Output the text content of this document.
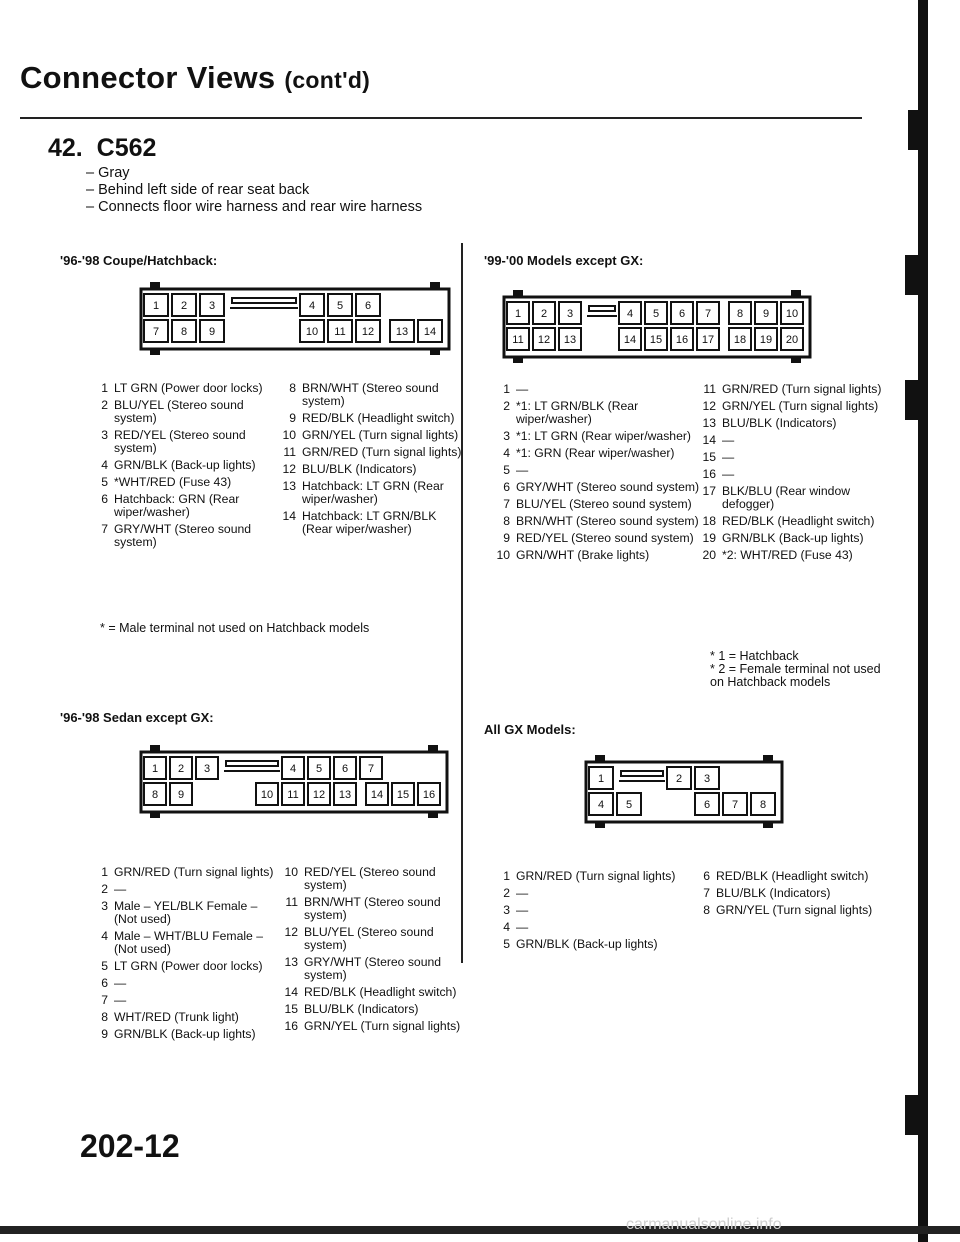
Connector Views (cont'd)
42. C562
– Gray
– Behind left side of rear seat back
– Connects floor wire harness and rear wire harness
'96-'98 Coupe/Hatchback:
1 2 3	4 5 6
7 8 9	10 11 12 13 14
1 LT GRN (Power door locks)
2 BLU/YEL (Stereo sound system)
3 RED/YEL (Stereo sound system)
4 GRN/BLK (Back-up lights)
5 *WHT/RED (Fuse 43)
6 Hatchback: GRN (Rear wiper/washer)
7 GRY/WHT (Stereo sound system)
8 BRN/WHT (Stereo sound system)
9 RED/BLK (Headlight switch)
10 GRN/YEL (Turn signal lights)
11 GRN/RED (Turn signal lights)
12 BLU/BLK (Indicators)
13 Hatchback: LT GRN (Rear wiper/washer)
14 Hatchback: LT GRN/BLK (Rear wiper/washer)
* = Male terminal not used on Hatchback models
'96-'98 Sedan except GX:
1 2 3	4 5 6 7
8 9	10 11 12 13 14 15 16
1 GRN/RED (Turn signal lights)
2 —
3 Male – YEL/BLK Female – (Not used)
4 Male – WHT/BLU Female – (Not used)
5 LT GRN (Power door locks)
6 —
7 —
8 WHT/RED (Trunk light)
9 GRN/BLK (Back-up lights)
10 RED/YEL (Stereo sound system)
11 BRN/WHT (Stereo sound system)
12 BLU/YEL (Stereo sound system)
13 GRY/WHT (Stereo sound system)
14 RED/BLK (Headlight switch)
15 BLU/BLK (Indicators)
16 GRN/YEL (Turn signal lights)
'99-'00 Models except GX:
1 2 3	4 5 6 7 8 9 10
11 12 13	14 15 16 17 18 19 20
1 —
2 *1: LT GRN/BLK (Rear wiper/washer)
3 *1: LT GRN (Rear wiper/washer)
4 *1: GRN (Rear wiper/washer)
5 —
6 GRY/WHT (Stereo sound system)
7 BLU/YEL (Stereo sound system)
8 BRN/WHT (Stereo sound system)
9 RED/YEL (Stereo sound system)
10 GRN/WHT (Brake lights)
11 GRN/RED (Turn signal lights)
12 GRN/YEL (Turn signal lights)
13 BLU/BLK (Indicators)
14 —
15 —
16 —
17 BLK/BLU (Rear window defogger)
18 RED/BLK (Headlight switch)
19 GRN/BLK (Back-up lights)
20 *2: WHT/RED (Fuse 43)
* 1 = Hatchback
* 2 = Female terminal not used on Hatchback models
All GX Models:
1	2 3
4 5	6 7 8
1 GRN/RED (Turn signal lights)
2 —
3 —
4 —
5 GRN/BLK (Back-up lights)
6 RED/BLK (Headlight switch)
7 BLU/BLK (Indicators)
8 GRN/YEL (Turn signal lights)
202-12
carmanualsonline.info
